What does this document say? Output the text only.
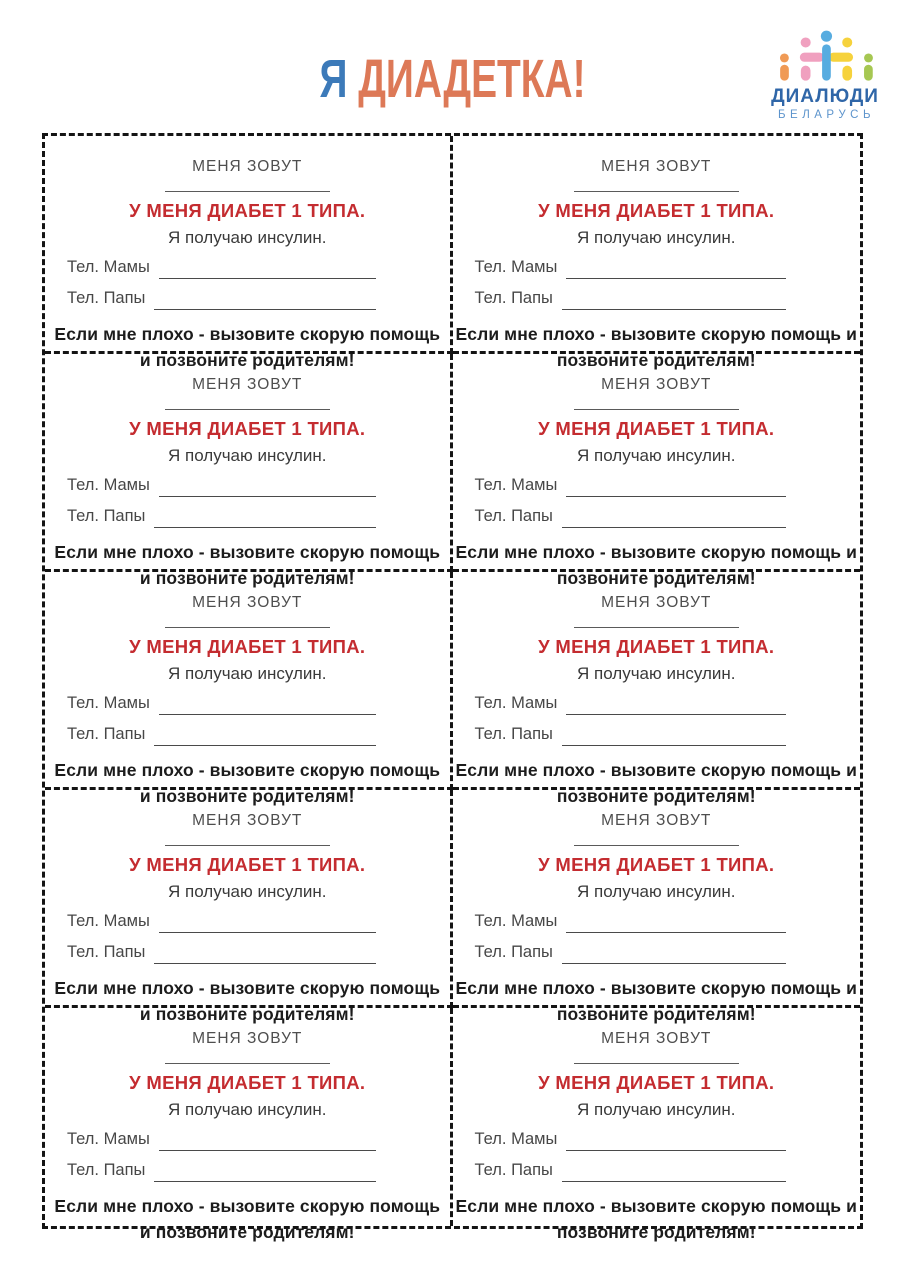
Я ДИАДЕТКА!	ДИАЛЮДИ
БЕЛАРУСЬ
МЕНЯ ЗОВУТ
У МЕНЯ ДИАБЕТ 1 ТИПА.
Я получаю инсулин.
Тел. Мамы
Тел. Папы
Если мне плохо - вызовите скорую помощь
и позвоните родителям!
МЕНЯ ЗОВУТ
У МЕНЯ ДИАБЕТ 1 ТИПА.
Я получаю инсулин.
Тел. Мамы
Тел. Папы
Если мне плохо - вызовите скорую помощь и
позвоните родителям!
МЕНЯ ЗОВУТ
У МЕНЯ ДИАБЕТ 1 ТИПА.
Я получаю инсулин.
Тел. Мамы
Тел. Папы
Если мне плохо - вызовите скорую помощь
и позвоните родителям!
МЕНЯ ЗОВУТ
У МЕНЯ ДИАБЕТ 1 ТИПА.
Я получаю инсулин.
Тел. Мамы
Тел. Папы
Если мне плохо - вызовите скорую помощь и
позвоните родителям!
МЕНЯ ЗОВУТ
У МЕНЯ ДИАБЕТ 1 ТИПА.
Я получаю инсулин.
Тел. Мамы
Тел. Папы
Если мне плохо - вызовите скорую помощь
и позвоните родителям!
МЕНЯ ЗОВУТ
У МЕНЯ ДИАБЕТ 1 ТИПА.
Я получаю инсулин.
Тел. Мамы
Тел. Папы
Если мне плохо - вызовите скорую помощь и
позвоните родителям!
МЕНЯ ЗОВУТ
У МЕНЯ ДИАБЕТ 1 ТИПА.
Я получаю инсулин.
Тел. Мамы
Тел. Папы
Если мне плохо - вызовите скорую помощь
и позвоните родителям!
МЕНЯ ЗОВУТ
У МЕНЯ ДИАБЕТ 1 ТИПА.
Я получаю инсулин.
Тел. Мамы
Тел. Папы
Если мне плохо - вызовите скорую помощь и
позвоните родителям!
МЕНЯ ЗОВУТ
У МЕНЯ ДИАБЕТ 1 ТИПА.
Я получаю инсулин.
Тел. Мамы
Тел. Папы
Если мне плохо - вызовите скорую помощь
и позвоните родителям!
МЕНЯ ЗОВУТ
У МЕНЯ ДИАБЕТ 1 ТИПА.
Я получаю инсулин.
Тел. Мамы
Тел. Папы
Если мне плохо - вызовите скорую помощь и
позвоните родителям!
